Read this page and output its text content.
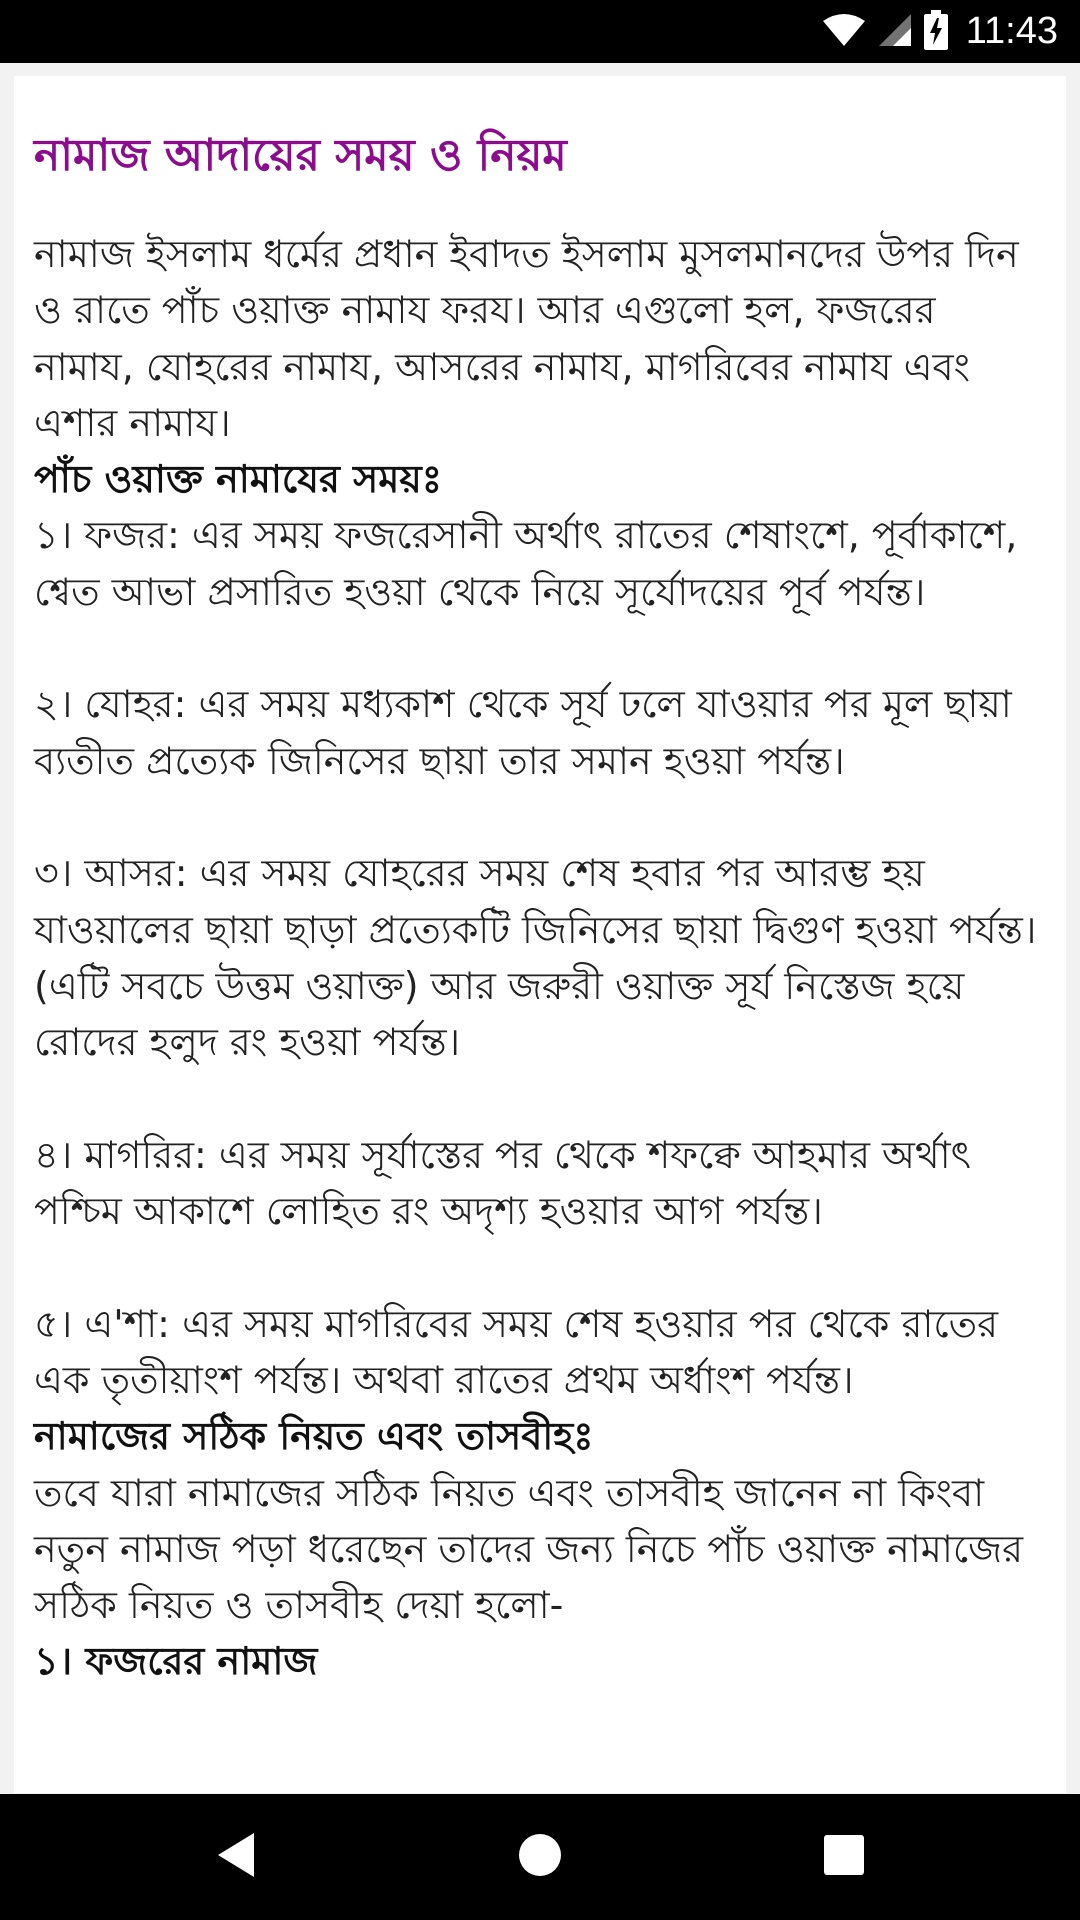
11:43
নামাজ আদায়ের সময় ও নিয়ম

নামাজ ইসলাম ধর্মের প্রধান ইবাদত ইসলাম মুসলমানদের উপর দিন ও রাতে পাঁচ ওয়াক্ত নামায ফরয। আর এগুলো হল, ফজরের নামায, যোহরের নামায, আসরের নামায, মাগরিবের নামায এবং এশার নামায।

পাঁচ ওয়াক্ত নামাযের সময়ঃ

১। ফজর: এর সময় ফজরেসানী অর্থাৎ রাতের শেষাংশে, পূর্বাকাশে, শ্বেত আভা প্রসারিত হওয়া থেকে নিয়ে সূর্যোদয়ের পূর্ব পর্যন্ত।

২। যোহর: এর সময় মধ্যকাশ থেকে সূর্য ঢলে যাওয়ার পর মূল ছায়া ব্যতীত প্রত্যেক জিনিসের ছায়া তার সমান হওয়া পর্যন্ত।

৩। আসর: এর সময় যোহরের সময় শেষ হবার পর আরম্ভ হয় যাওয়ালের ছায়া ছাড়া প্রত্যেকটি জিনিসের ছায়া দ্বিগুণ হওয়া পর্যন্ত। (এটি সবচে উত্তম ওয়াক্ত) আর জরুরী ওয়াক্ত সূর্য নিস্তেজ হয়ে রোদের হলুদ রং হওয়া পর্যন্ত।

৪। মাগরির: এর সময় সূর্যাস্তের পর থেকে শফক্বে আহমার অর্থাৎ পশ্চিম আকাশে লোহিত রং অদৃশ্য হওয়ার আগ পর্যন্ত।

৫। এ'শা: এর সময় মাগরিবের সময় শেষ হওয়ার পর থেকে রাতের এক তৃতীয়াংশ পর্যন্ত। অথবা রাতের প্রথম অর্ধাংশ পর্যন্ত।

নামাজের সঠিক নিয়ত এবং তাসবীহঃ

তবে যারা নামাজের সঠিক নিয়ত এবং তাসবীহ জানেন না কিংবা নতুন নামাজ পড়া ধরেছেন তাদের জন্য নিচে পাঁচ ওয়াক্ত নামাজের সঠিক নিয়ত ও তাসবীহ দেয়া হলো-

১। ফজরের নামাজ
